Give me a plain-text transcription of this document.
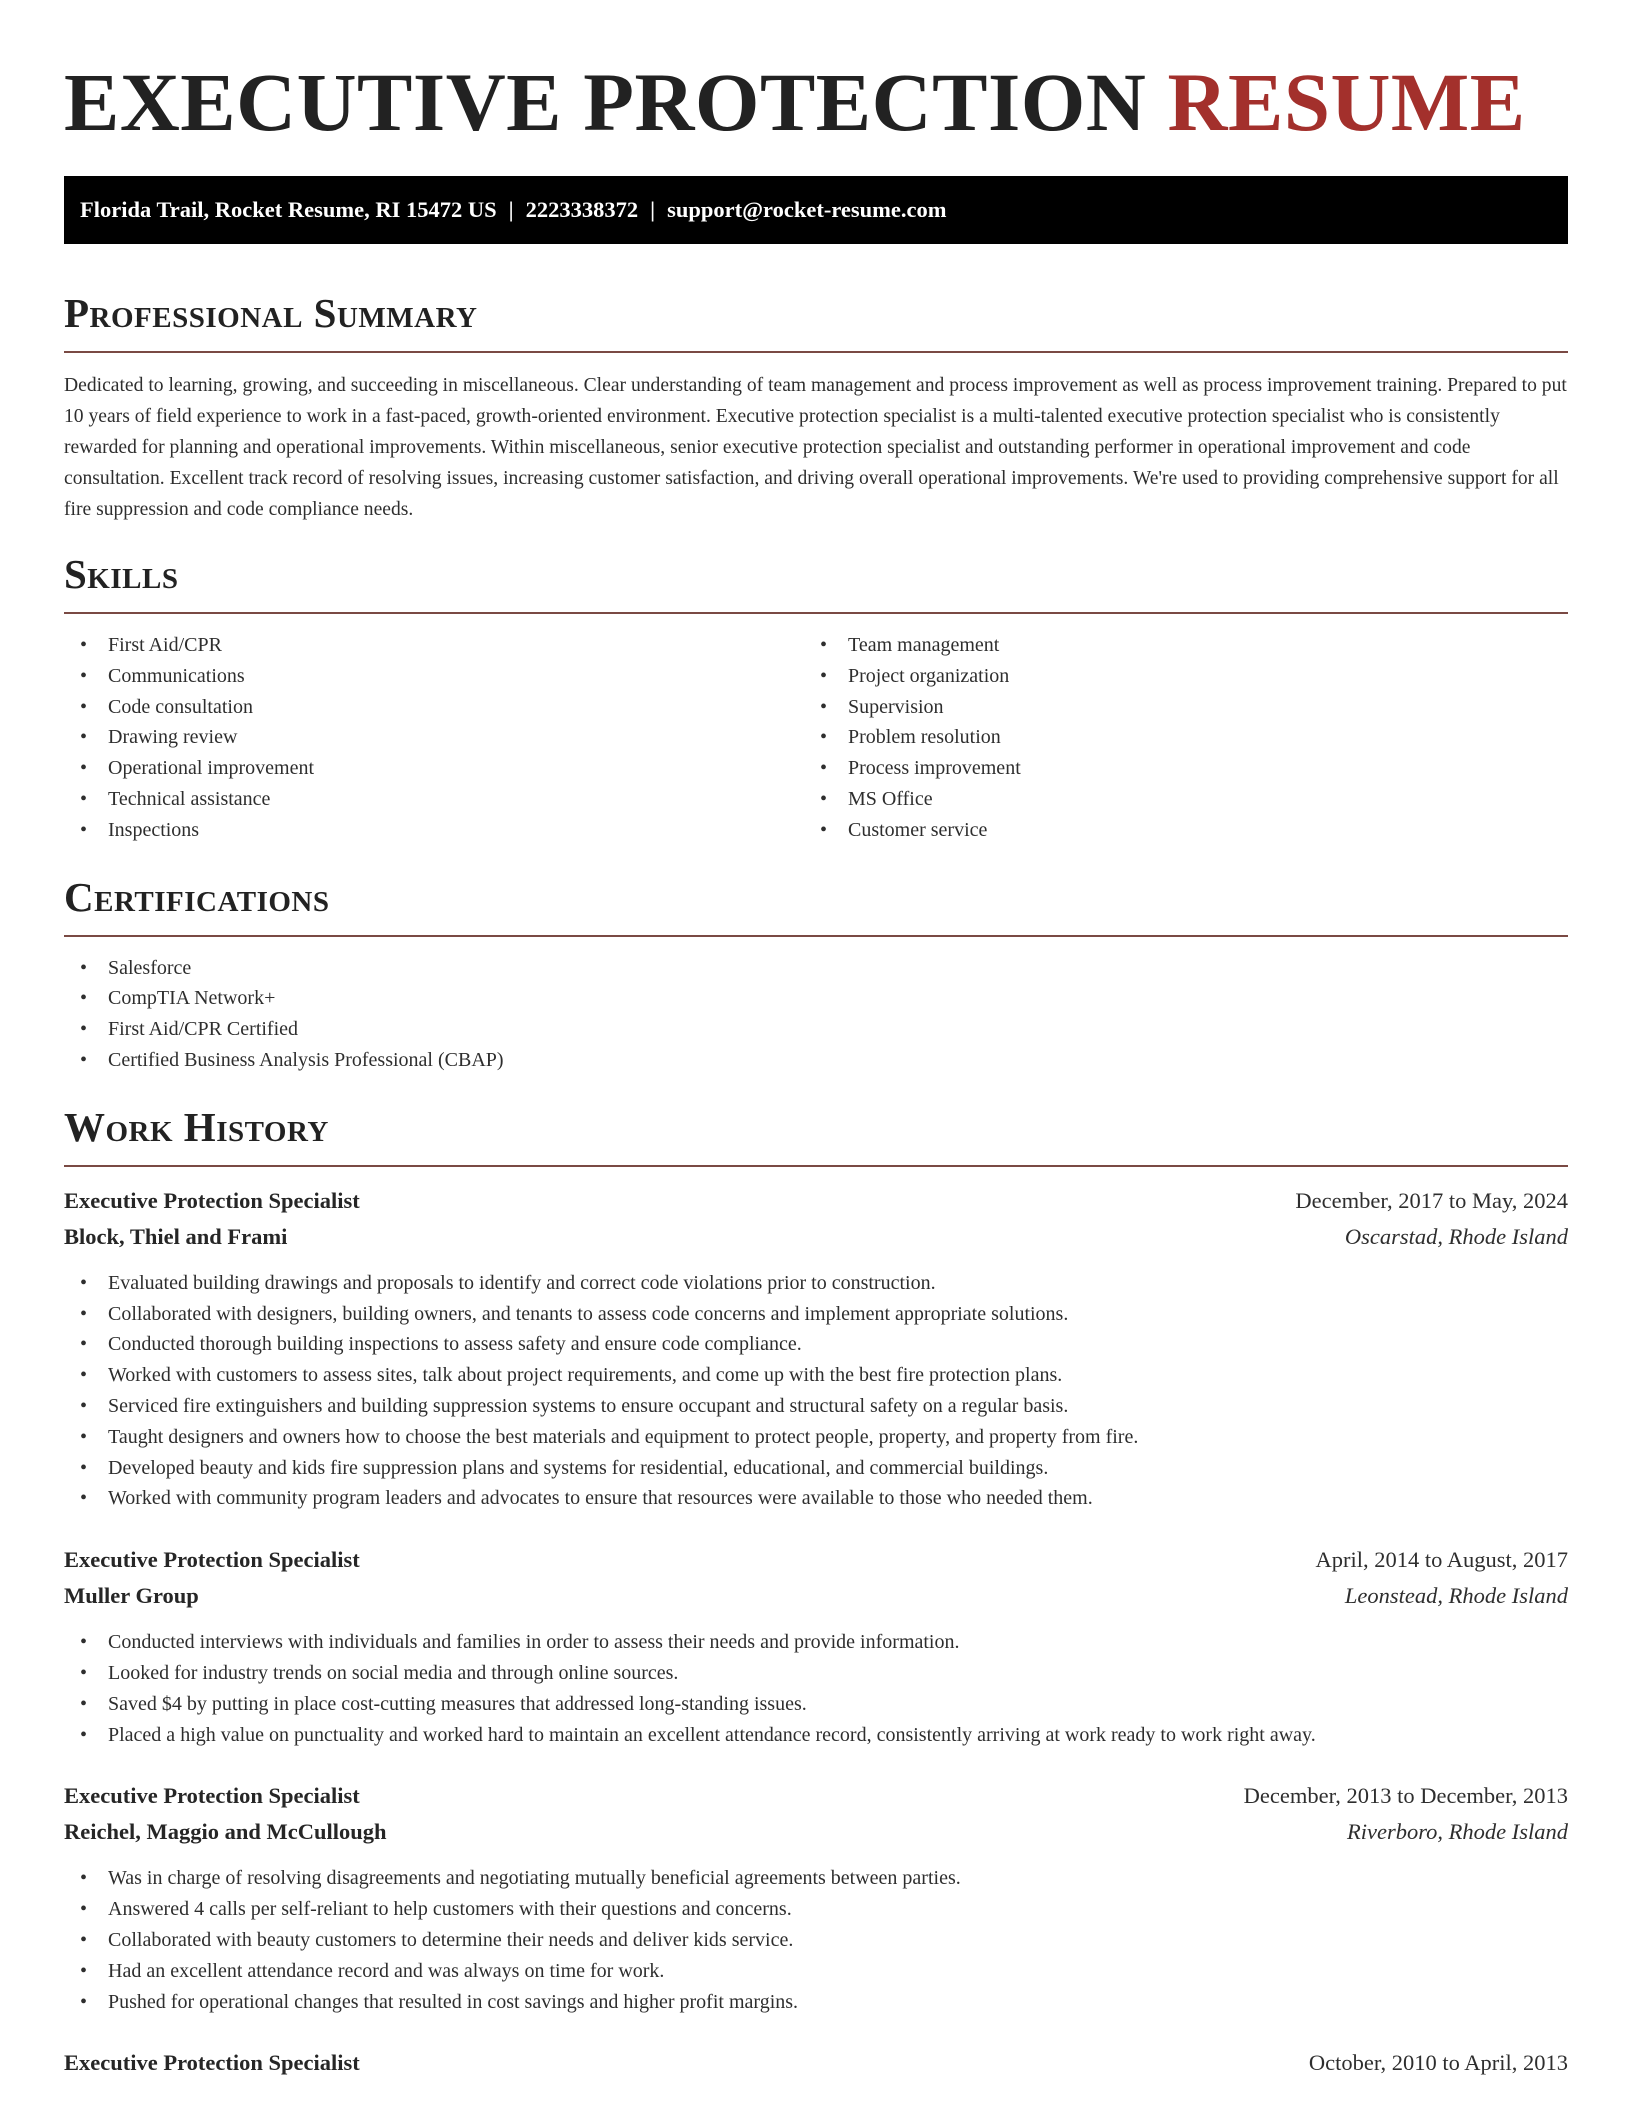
EXECUTIVE PROTECTION RESUME
Florida Trail, Rocket Resume, RI 15472 US | 2223338372 | support@rocket-resume.com
Professional Summary

Dedicated to learning, growing, and succeeding in miscellaneous. Clear understanding of team management and process improvement as well as process improvement training. Prepared to put 10 years of field experience to work in a fast-paced, growth-oriented environment. Executive protection specialist is a multi-talented executive protection specialist who is consistently rewarded for planning and operational improvements. Within miscellaneous, senior executive protection specialist and outstanding performer in operational improvement and code consultation. Excellent track record of resolving issues, increasing customer satisfaction, and driving overall operational improvements. We're used to providing comprehensive support for all fire suppression and code compliance needs.

Skills
• First Aid/CPR
• Communications
• Code consultation
• Drawing review
• Operational improvement
• Technical assistance
• Inspections
• Team management
• Project organization
• Supervision
• Problem resolution
• Process improvement
• MS Office
• Customer service
Certifications
• Salesforce
• CompTIA Network+
• First Aid/CPR Certified
• Certified Business Analysis Professional (CBAP)
Work History
Executive Protection Specialist	December, 2017 to May, 2024
Block, Thiel and Frami	Oscarstad, Rhode Island
• Evaluated building drawings and proposals to identify and correct code violations prior to construction.
• Collaborated with designers, building owners, and tenants to assess code concerns and implement appropriate solutions.
• Conducted thorough building inspections to assess safety and ensure code compliance.
• Worked with customers to assess sites, talk about project requirements, and come up with the best fire protection plans.
• Serviced fire extinguishers and building suppression systems to ensure occupant and structural safety on a regular basis.
• Taught designers and owners how to choose the best materials and equipment to protect people, property, and property from fire.
• Developed beauty and kids fire suppression plans and systems for residential, educational, and commercial buildings.
• Worked with community program leaders and advocates to ensure that resources were available to those who needed them.
Executive Protection Specialist	April, 2014 to August, 2017
Muller Group	Leonstead, Rhode Island
• Conducted interviews with individuals and families in order to assess their needs and provide information.
• Looked for industry trends on social media and through online sources.
• Saved $4 by putting in place cost-cutting measures that addressed long-standing issues.
• Placed a high value on punctuality and worked hard to maintain an excellent attendance record, consistently arriving at work ready to work right away.
Executive Protection Specialist	December, 2013 to December, 2013
Reichel, Maggio and McCullough	Riverboro, Rhode Island
• Was in charge of resolving disagreements and negotiating mutually beneficial agreements between parties.
• Answered 4 calls per self-reliant to help customers with their questions and concerns.
• Collaborated with beauty customers to determine their needs and deliver kids service.
• Had an excellent attendance record and was always on time for work.
• Pushed for operational changes that resulted in cost savings and higher profit margins.
Executive Protection Specialist	October, 2010 to April, 2013
